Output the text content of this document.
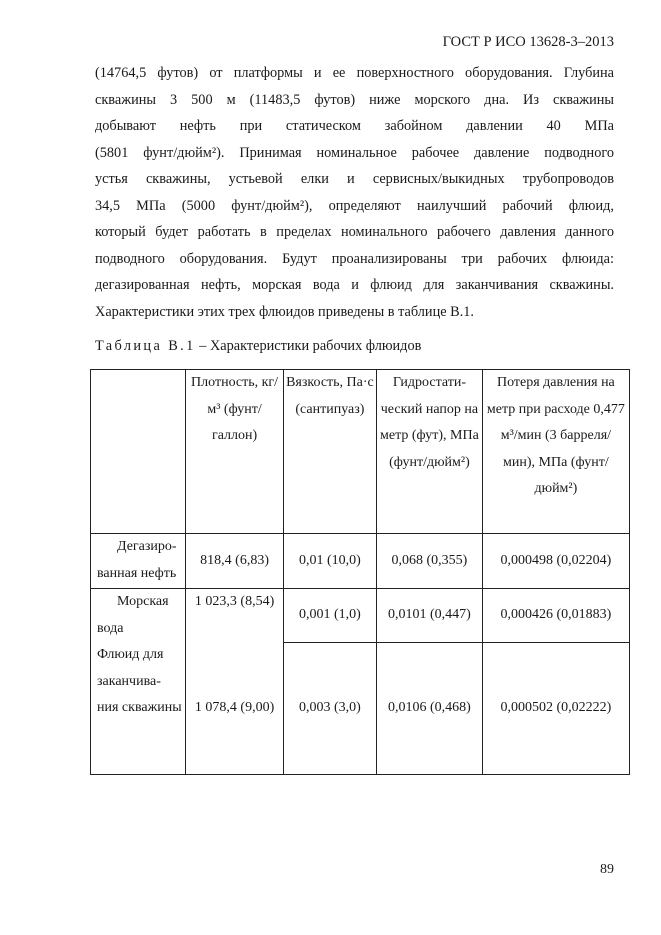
ГОСТ Р ИСО 13628-3–2013
(14764,5 футов) от платформы и ее поверхностного оборудования. Глубина
скважины 3 500 м (11483,5 футов) ниже морского дна. Из скважины
добывают нефть при статическом забойном давлении 40 МПа
(5801 фунт/дюйм²). Принимая номинальное рабочее давление подводного
устья скважины, устьевой елки и сервисных/выкидных трубопроводов
34,5 МПа (5000 фунт/дюйм²), определяют наилучший рабочий флюид,
который будет работать в пределах номинального рабочего давления данного
подводного оборудования. Будут проанализированы три рабочих флюида:
дегазированная нефть, морская вода и флюид для заканчивания скважины.
Характеристики этих трех флюидов приведены в таблице В.1.
Таблица В.1 – Характеристики рабочих флюидов
	Плотность, кг/м³ (фунт/ галлон)	Вязкость, Па·с (сантипуаз)	Гидростати- ческий напор на метр (фут), МПа (фунт/дюйм²)	Потеря давления на метр при расходе 0,477 м³/мин (3 барреля/мин), МПа (фунт/дюйм²)
Дегазиро- ванная нефть	818,4 (6,83)	0,01 (10,0)	0,068 (0,355)	0,000498 (0,02204)
Морская вода	1 023,3 (8,54)	0,001 (1,0)	0,0101 (0,447)	0,000426 (0,01883)
Флюид для заканчива- ния скважины	1 078,4 (9,00)	0,003 (3,0)	0,0106 (0,468)	0,000502 (0,02222)
89
